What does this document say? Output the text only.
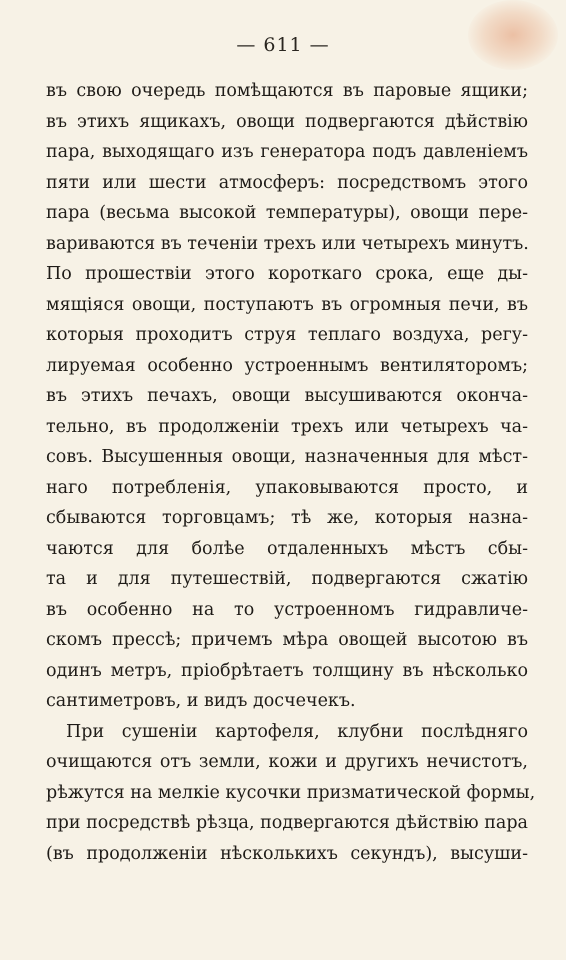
— 611 —
въ свою очередь помѣщаются въ паровые ящики;
въ этихъ ящикахъ, овощи подвергаются дѣйствію
пара, выходящаго изъ генератора подъ давленіемъ
пяти или шести атмосферъ: посредствомъ этого
пара (весьма высокой температуры), овощи пере-
вариваются въ теченіи трехъ или четырехъ минутъ.
По прошествіи этого короткаго срока, еще ды-
мящіяся овощи, поступаютъ въ огромныя печи, въ
которыя проходитъ струя теплаго воздуха, регу-
лируемая особенно устроеннымъ вентиляторомъ;
въ этихъ печахъ, овощи высушиваются оконча-
тельно, въ продолженіи трехъ или четырехъ ча-
совъ. Высушенныя овощи, назначенныя для мѣст-
наго потребленія, упаковываются просто, и
сбываются торговцамъ; тѣ же, которыя назна-
чаются для болѣе отдаленныхъ мѣстъ сбы-
та и для путешествій, подвергаются сжатію
въ особенно на то устроенномъ гидравличе-
скомъ прессѣ; причемъ мѣра овощей высотою въ
одинъ метръ, пріобрѣтаетъ толщину въ нѣсколько
сантиметровъ, и видъ досчечекъ.
При сушеніи картофеля, клубни послѣдняго
очищаются отъ земли, кожи и другихъ нечистотъ,
рѣжутся на мелкіе кусочки призматической формы,
при посредствѣ рѣзца, подвергаются дѣйствію пара
(въ продолженіи нѣсколькихъ секундъ), высуши-
